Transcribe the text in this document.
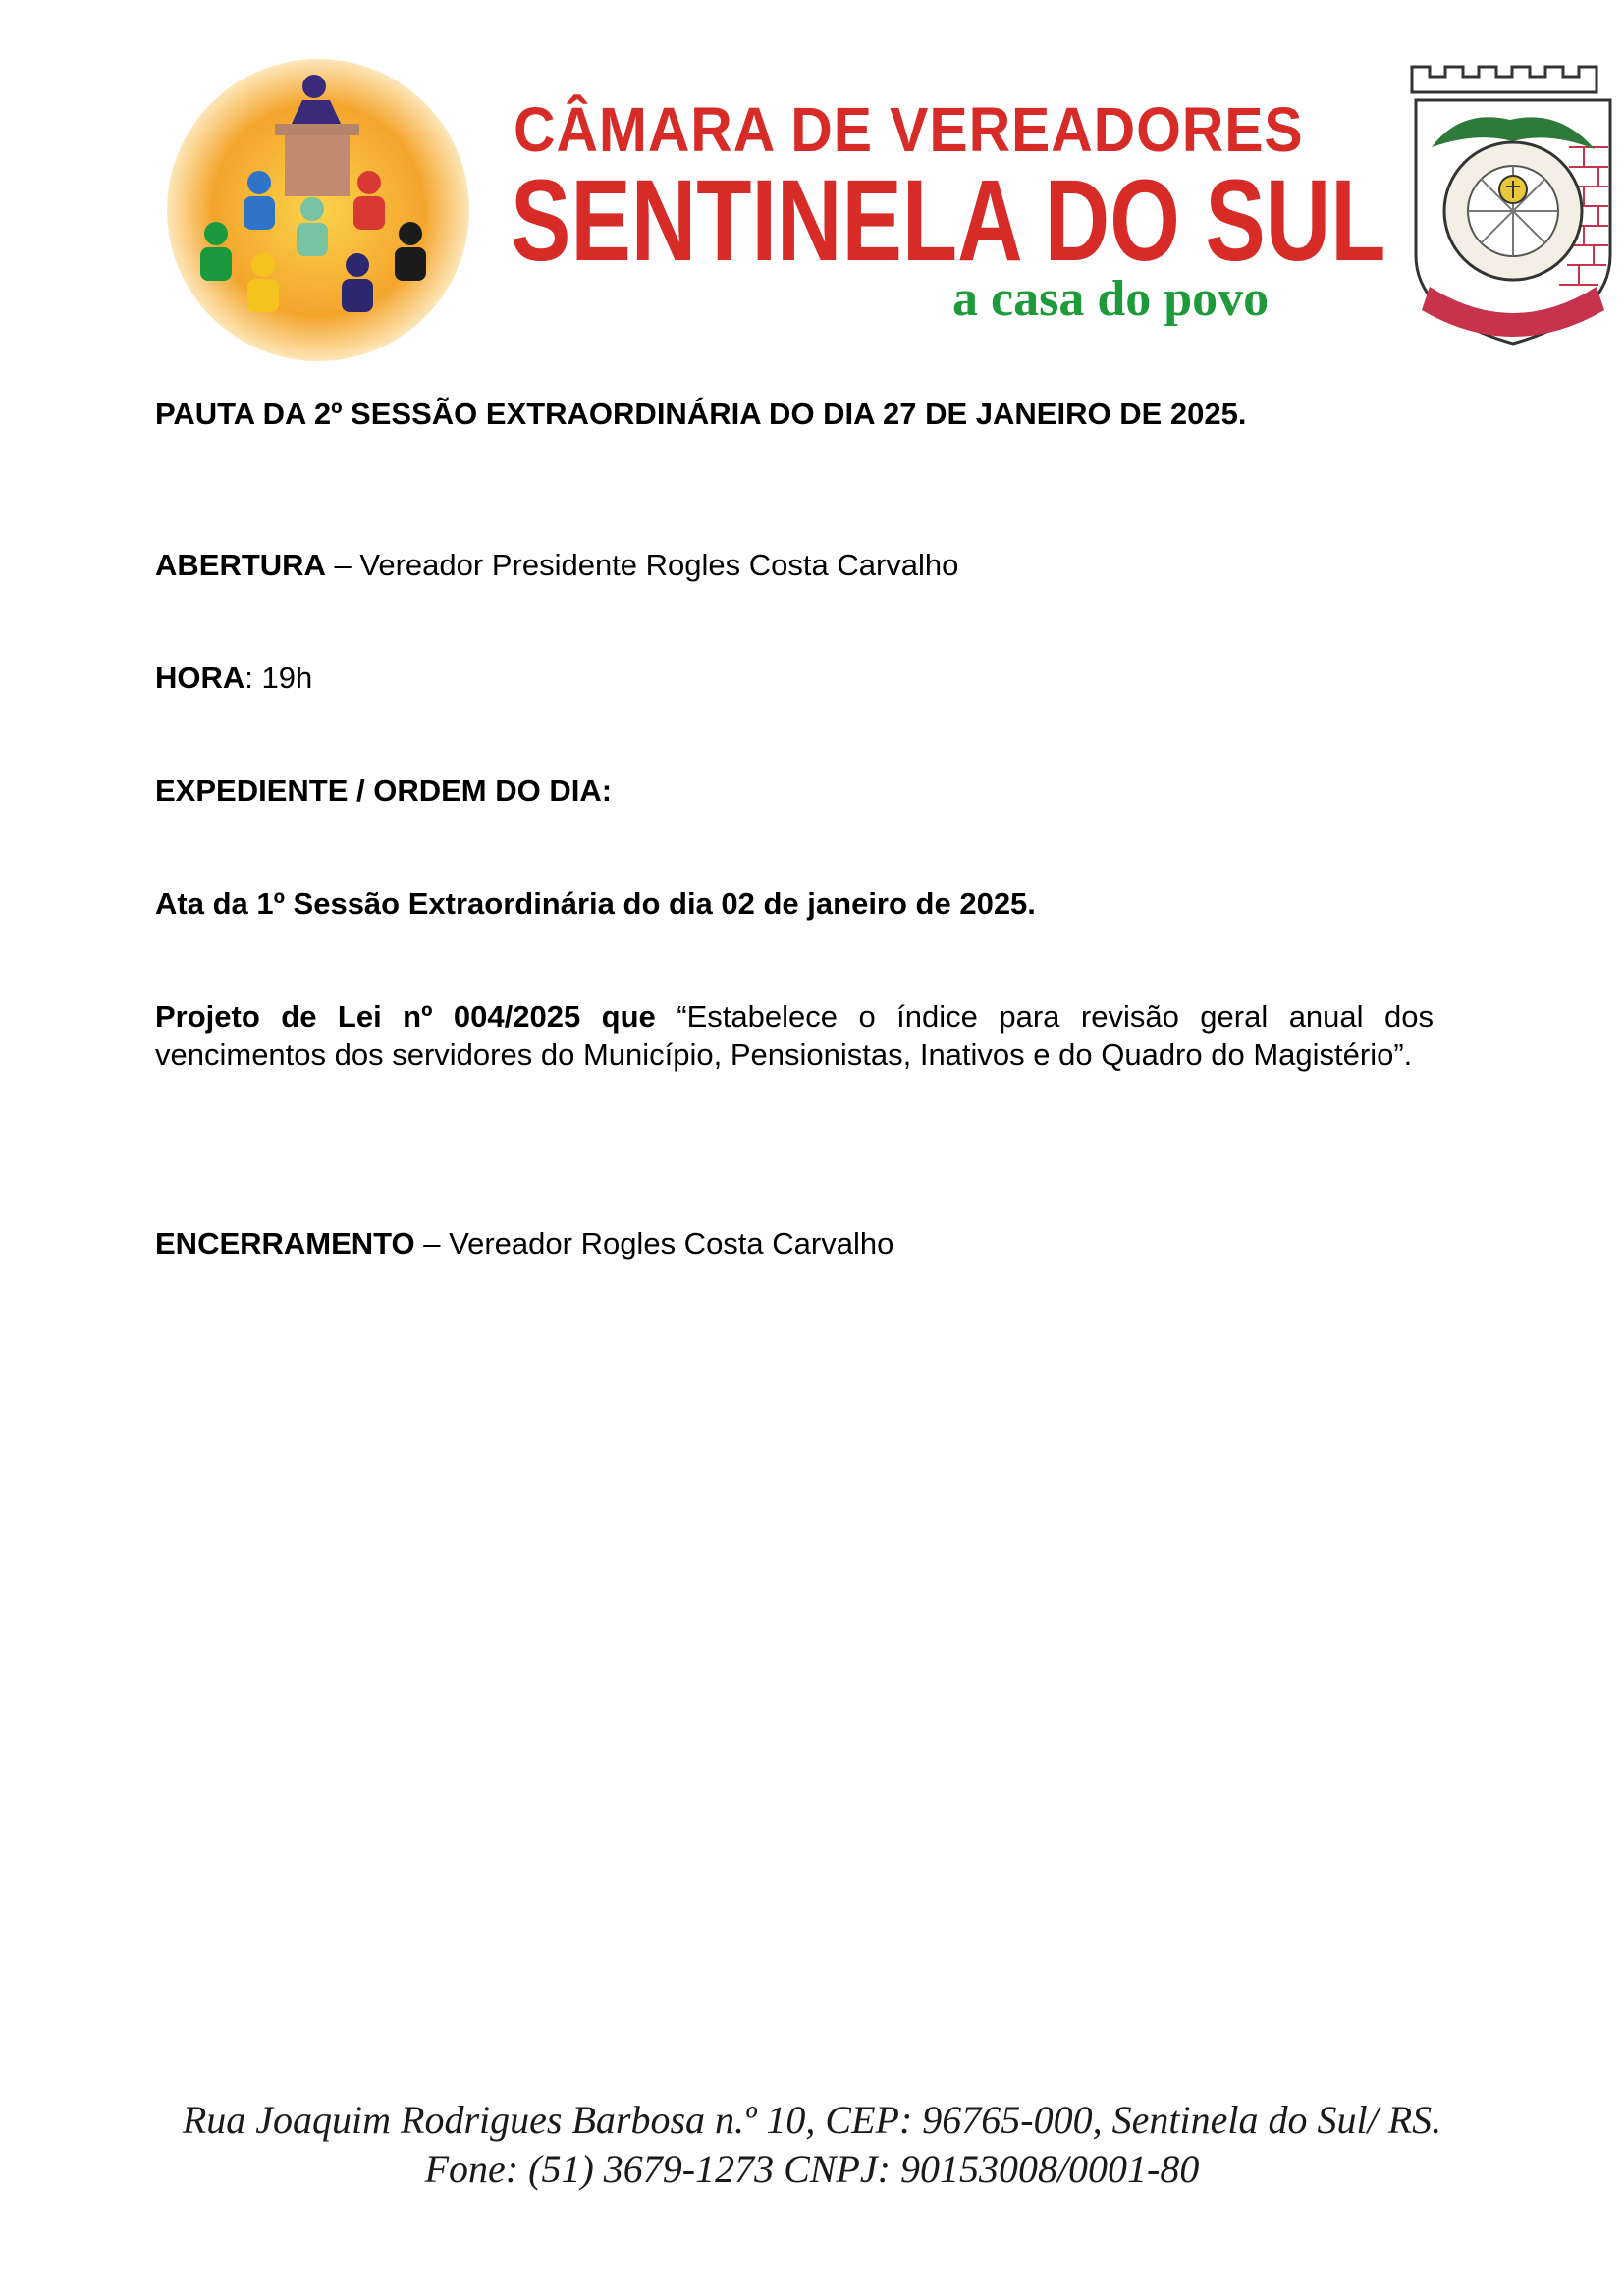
CÂMARA DE VEREADORES
SENTINELA DO SUL
a casa do povo
PAUTA DA 2º SESSÃO EXTRAORDINÁRIA DO DIA 27 DE JANEIRO DE 2025.
ABERTURA – Vereador Presidente Rogles Costa Carvalho
HORA: 19h
EXPEDIENTE / ORDEM DO DIA:
Ata da 1º Sessão Extraordinária do dia 02 de janeiro de 2025.
Projeto de Lei nº 004/2025 que “Estabelece o índice para revisão geral anual dos vencimentos dos servidores do Município, Pensionistas, Inativos e do Quadro do Magistério”.
ENCERRAMENTO – Vereador Rogles Costa Carvalho
Rua Joaquim Rodrigues Barbosa n.º 10, CEP: 96765-000, Sentinela do Sul/ RS.
Fone: (51) 3679-1273 CNPJ: 90153008/0001-80
